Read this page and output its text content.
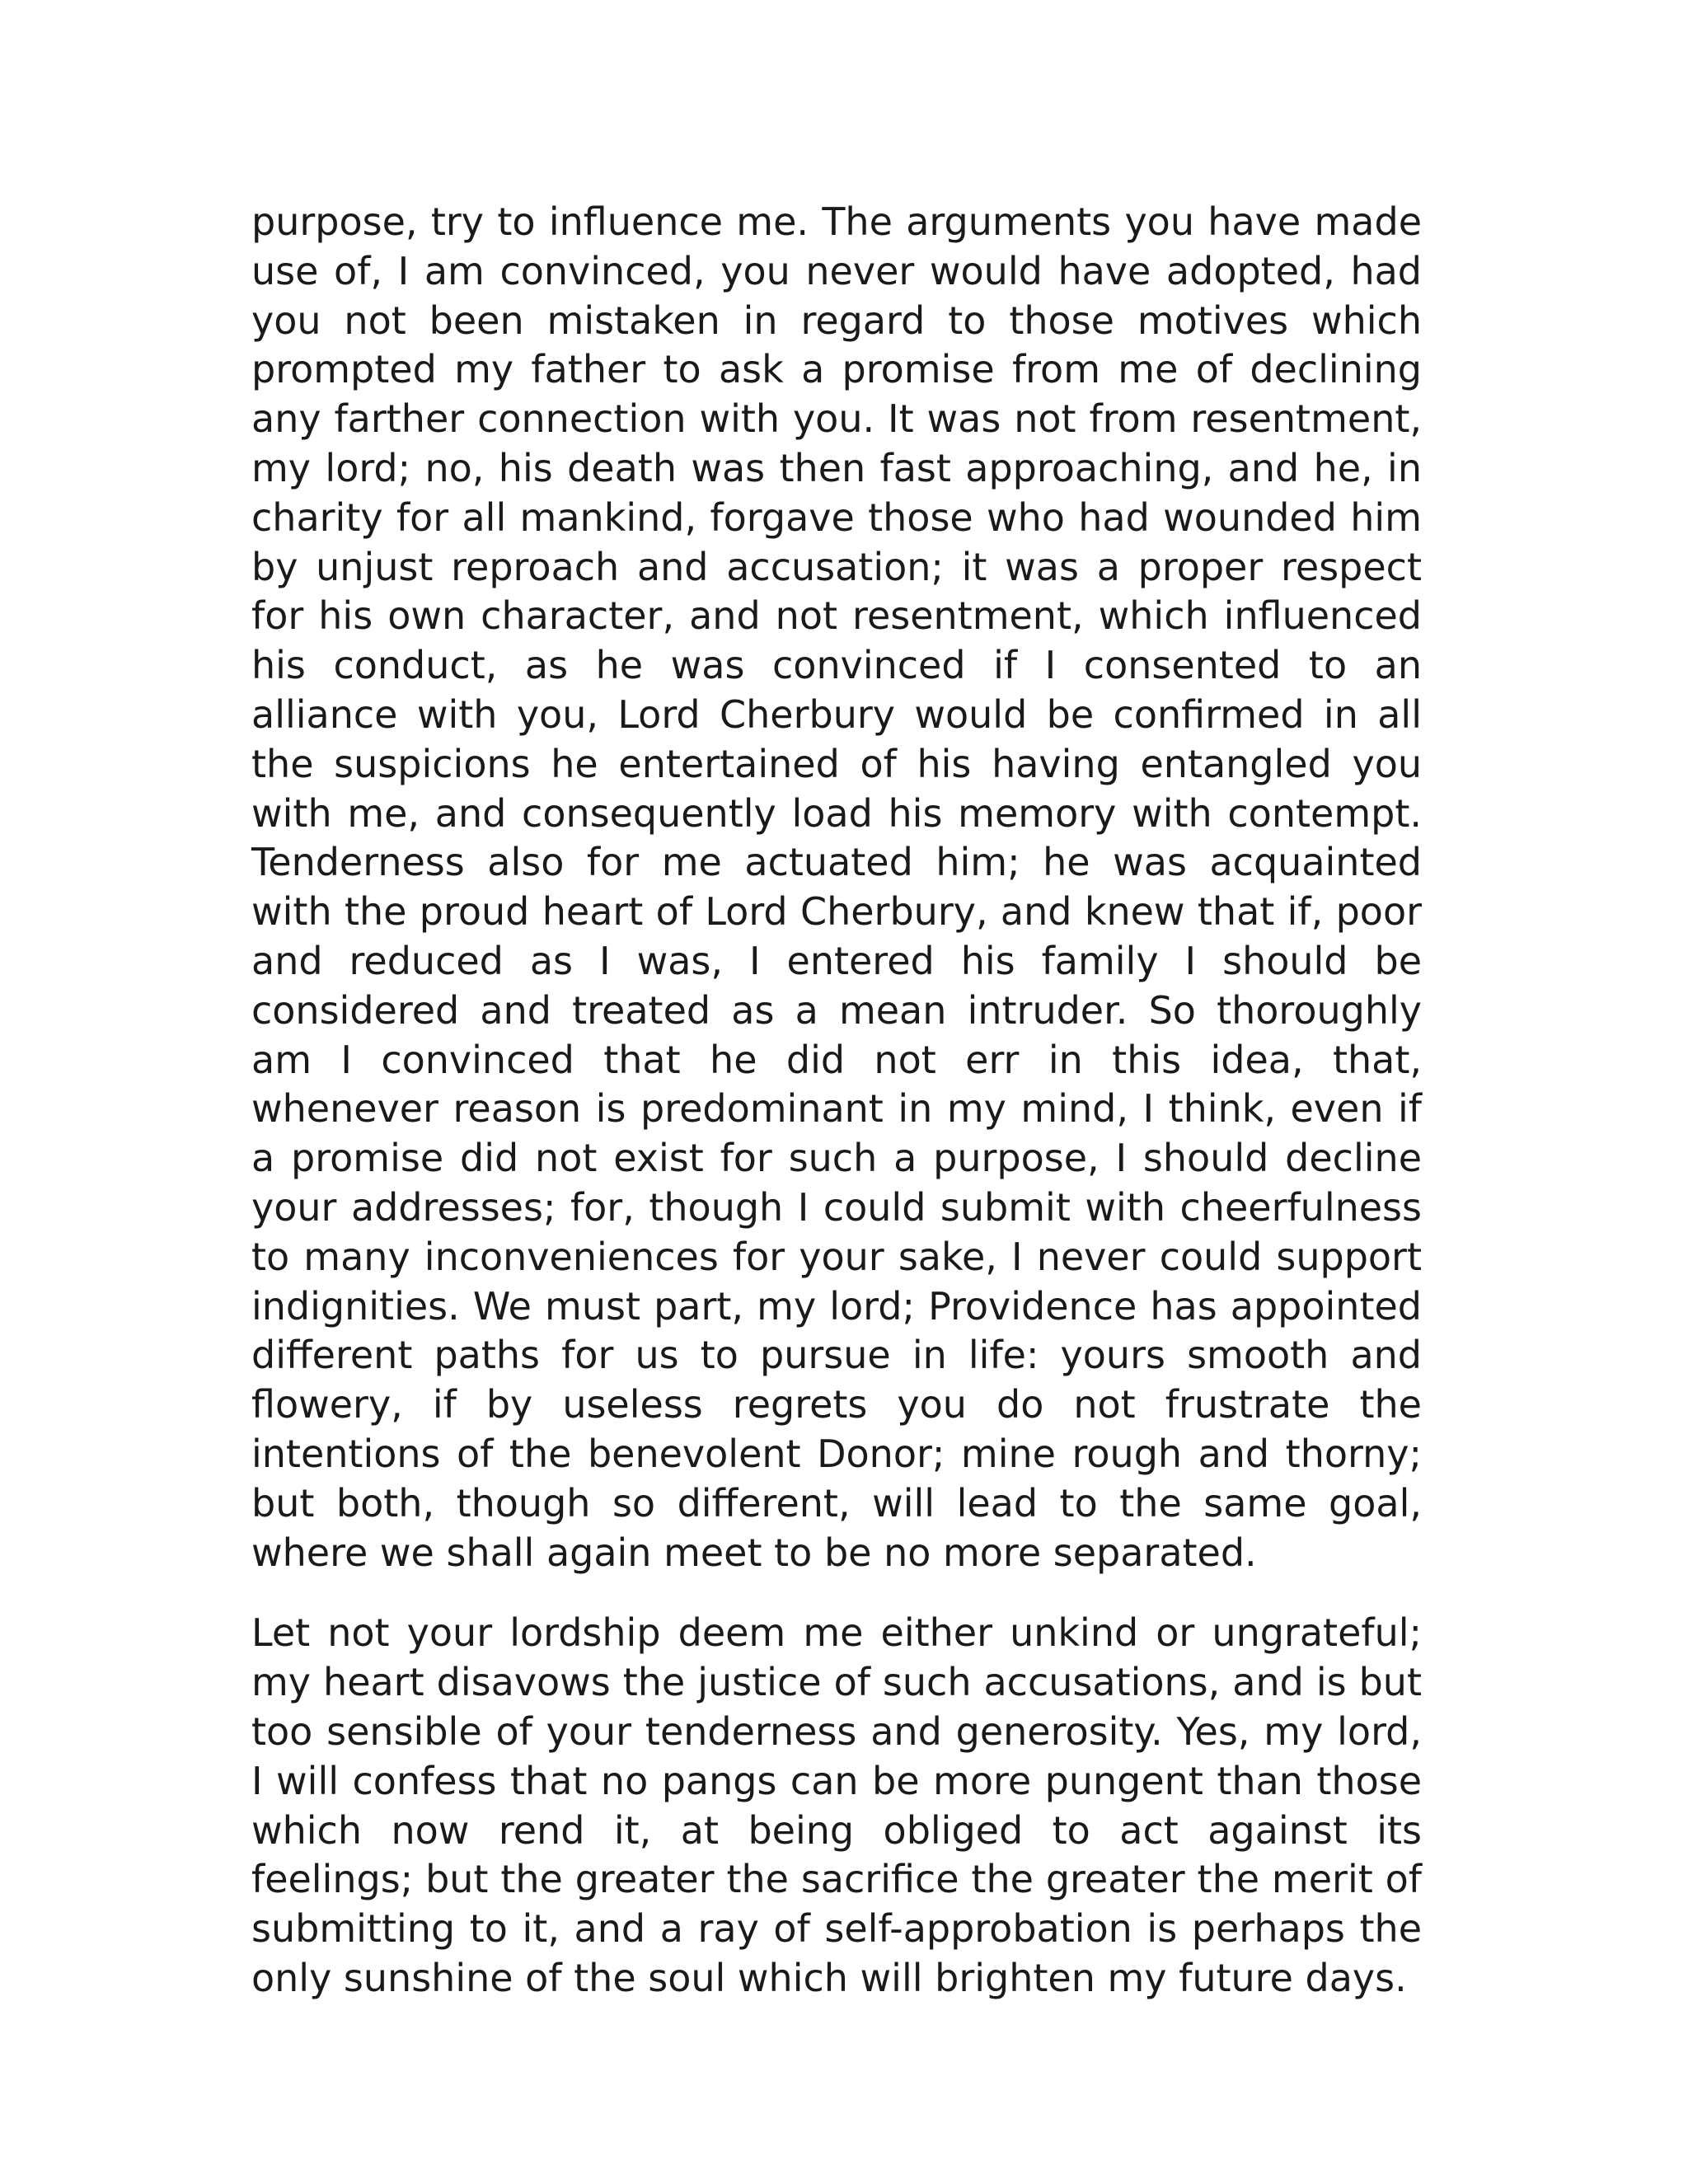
purpose, try to influence me. The arguments you have made use of, I am convinced, you never would have adopted, had you not been mistaken in regard to those motives which prompted my father to ask a promise from me of declining any farther connection with you. It was not from resentment, my lord; no, his death was then fast approaching, and he, in charity for all mankind, forgave those who had wounded him by unjust reproach and accusation; it was a proper respect for his own character, and not resentment, which influenced his conduct, as he was convinced if I consented to an alliance with you, Lord Cherbury would be confirmed in all the suspicions he entertained of his having entangled you with me, and consequently load his memory with contempt. Tenderness also for me actuated him; he was acquainted with the proud heart of Lord Cherbury, and knew that if, poor and reduced as I was, I entered his family I should be considered and treated as a mean intruder. So thoroughly am I convinced that he did not err in this idea, that, whenever reason is predominant in my mind, I think, even if a promise did not exist for such a purpose, I should decline your addresses; for, though I could submit with cheerfulness to many inconveniences for your sake, I never could support indignities. We must part, my lord; Providence has appointed different paths for us to pursue in life: yours smooth and flowery, if by useless regrets you do not frustrate the intentions of the benevolent Donor; mine rough and thorny; but both, though so different, will lead to the same goal, where we shall again meet to be no more separated.

Let not your lordship deem me either unkind or ungrateful; my heart disavows the justice of such accusations, and is but too sensible of your tenderness and generosity. Yes, my lord, I will confess that no pangs can be more pungent than those which now rend it, at being obliged to act against its feelings; but the greater the sacrifice the greater the merit of submitting to it, and a ray of self-approbation is perhaps the only sunshine of the soul which will brighten my future days.
